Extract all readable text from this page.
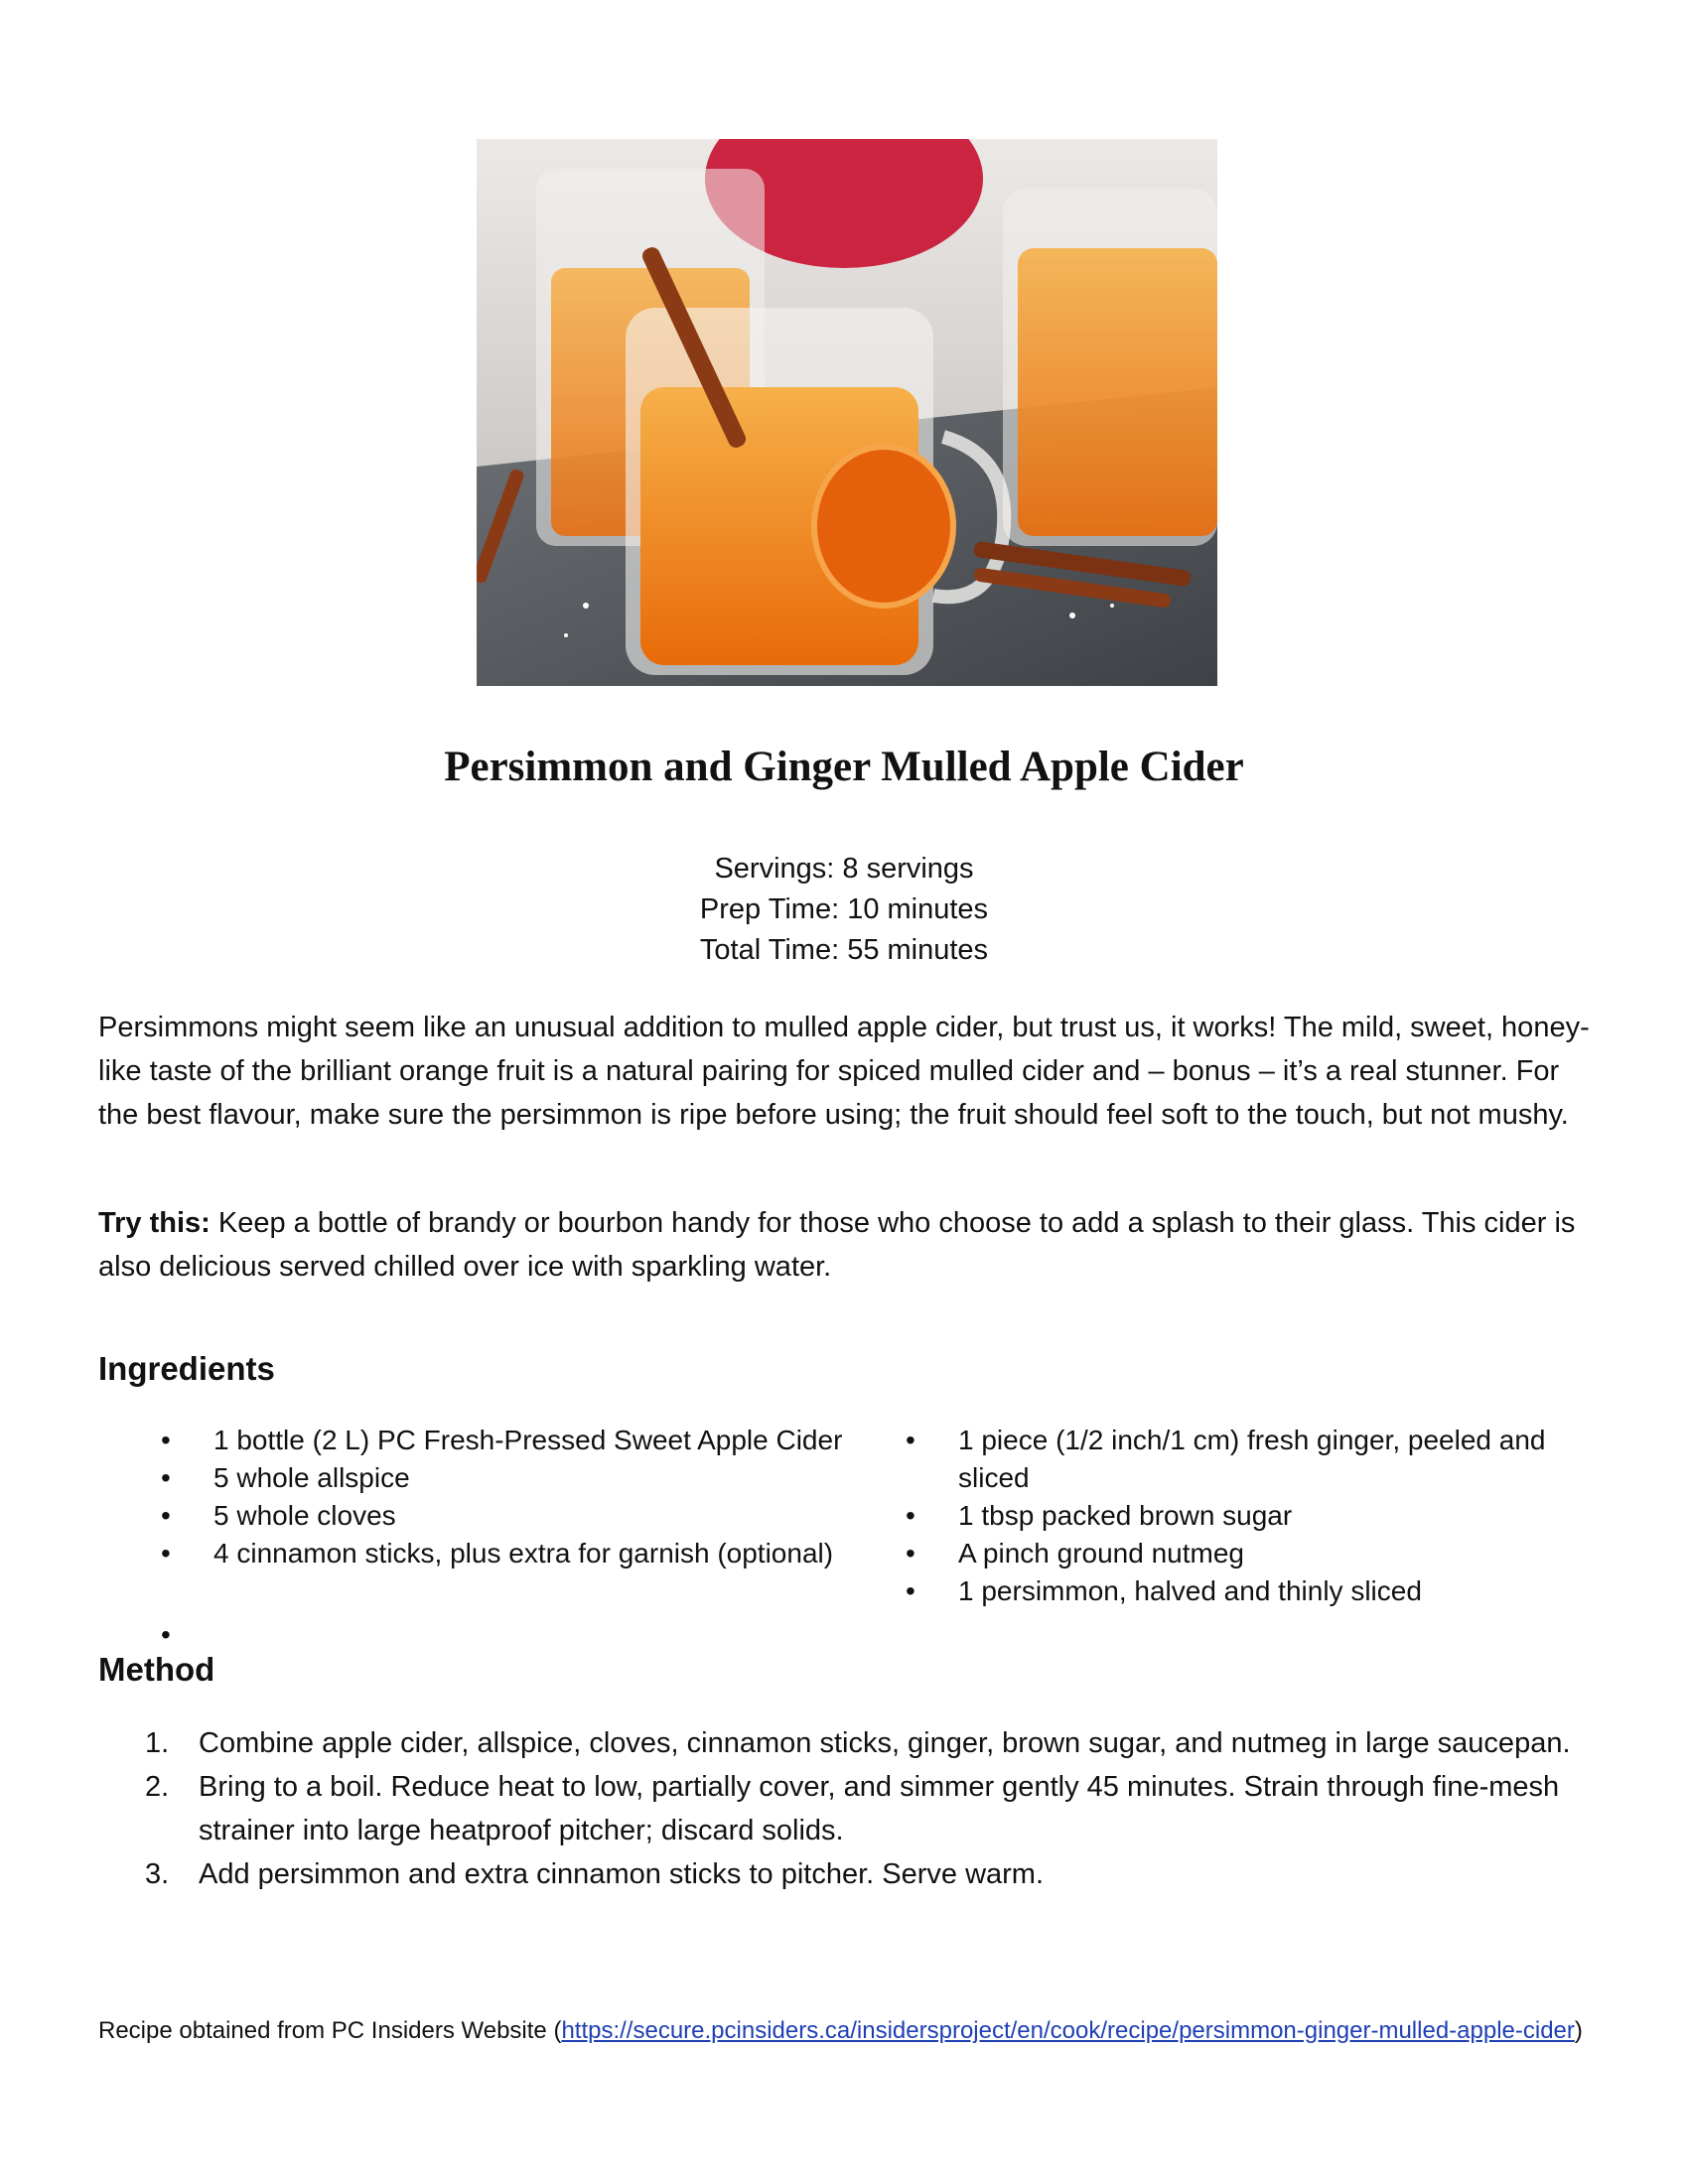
Persimmon and Ginger Mulled Apple Cider
Servings: 8 servings
Prep Time: 10 minutes
Total Time: 55 minutes

Persimmons might seem like an unusual addition to mulled apple cider, but trust us, it works! The mild, sweet, honey-like taste of the brilliant orange fruit is a natural pairing for spiced mulled cider and – bonus – it’s a real stunner. For the best flavour, make sure the persimmon is ripe before using; the fruit should feel soft to the touch, but not mushy.

Try this: Keep a bottle of brandy or bourbon handy for those who choose to add a splash to their glass. This cider is also delicious served chilled over ice with sparkling water.

Ingredients
• 1 bottle (2 L) PC Fresh-Pressed Sweet Apple Cider
• 5 whole allspice
• 5 whole cloves
• 4 cinnamon sticks, plus extra for garnish (optional)
•
• 1 piece (1/2 inch/1 cm) fresh ginger, peeled and sliced
• 1 tbsp packed brown sugar
• A pinch ground nutmeg
• 1 persimmon, halved and thinly sliced
Method
1. Combine apple cider, allspice, cloves, cinnamon sticks, ginger, brown sugar, and nutmeg in large saucepan.
2. Bring to a boil. Reduce heat to low, partially cover, and simmer gently 45 minutes. Strain through fine-mesh strainer into large heatproof pitcher; discard solids.
3. Add persimmon and extra cinnamon sticks to pitcher. Serve warm.

Recipe obtained from PC Insiders Website (https://secure.pcinsiders.ca/insidersproject/en/cook/recipe/persimmon-ginger-mulled-apple-cider)
